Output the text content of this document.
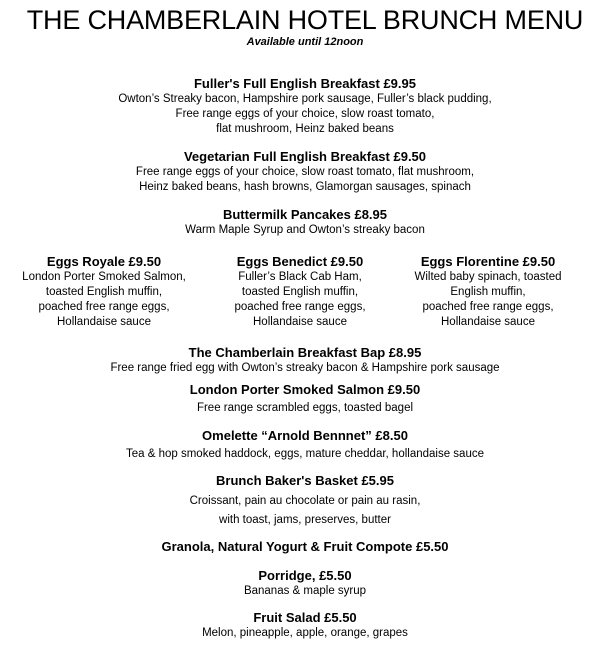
THE CHAMBERLAIN HOTEL BRUNCH MENU
Available until 12noon
Fuller's Full English Breakfast £9.95
Owton’s Streaky bacon, Hampshire pork sausage, Fuller’s black pudding,
Free range eggs of your choice, slow roast tomato,
flat mushroom, Heinz baked beans
Vegetarian Full English Breakfast £9.50
Free range eggs of your choice, slow roast tomato, flat mushroom,
Heinz baked beans, hash browns, Glamorgan sausages, spinach
Buttermilk Pancakes £8.95
Warm Maple Syrup and Owton’s streaky bacon
Eggs Royale £9.50
London Porter Smoked Salmon,
toasted English muffin,
poached free range eggs,
Hollandaise sauce
Eggs Benedict £9.50
Fuller’s Black Cab Ham,
toasted English muffin,
poached free range eggs,
Hollandaise sauce
Eggs Florentine £9.50
Wilted baby spinach, toasted
English muffin,
poached free range eggs,
Hollandaise sauce
The Chamberlain Breakfast Bap £8.95
Free range fried egg with Owton’s streaky bacon & Hampshire pork sausage
London Porter Smoked Salmon £9.50
Free range scrambled eggs, toasted bagel
Omelette “Arnold Bennnet” £8.50
Tea & hop smoked haddock, eggs, mature cheddar, hollandaise sauce
Brunch Baker's Basket £5.95
Croissant, pain au chocolate or pain au rasin,
with toast, jams, preserves, butter
Granola, Natural Yogurt & Fruit Compote £5.50
Porridge, £5.50
Bananas & maple syrup
Fruit Salad £5.50
Melon, pineapple, apple, orange, grapes
